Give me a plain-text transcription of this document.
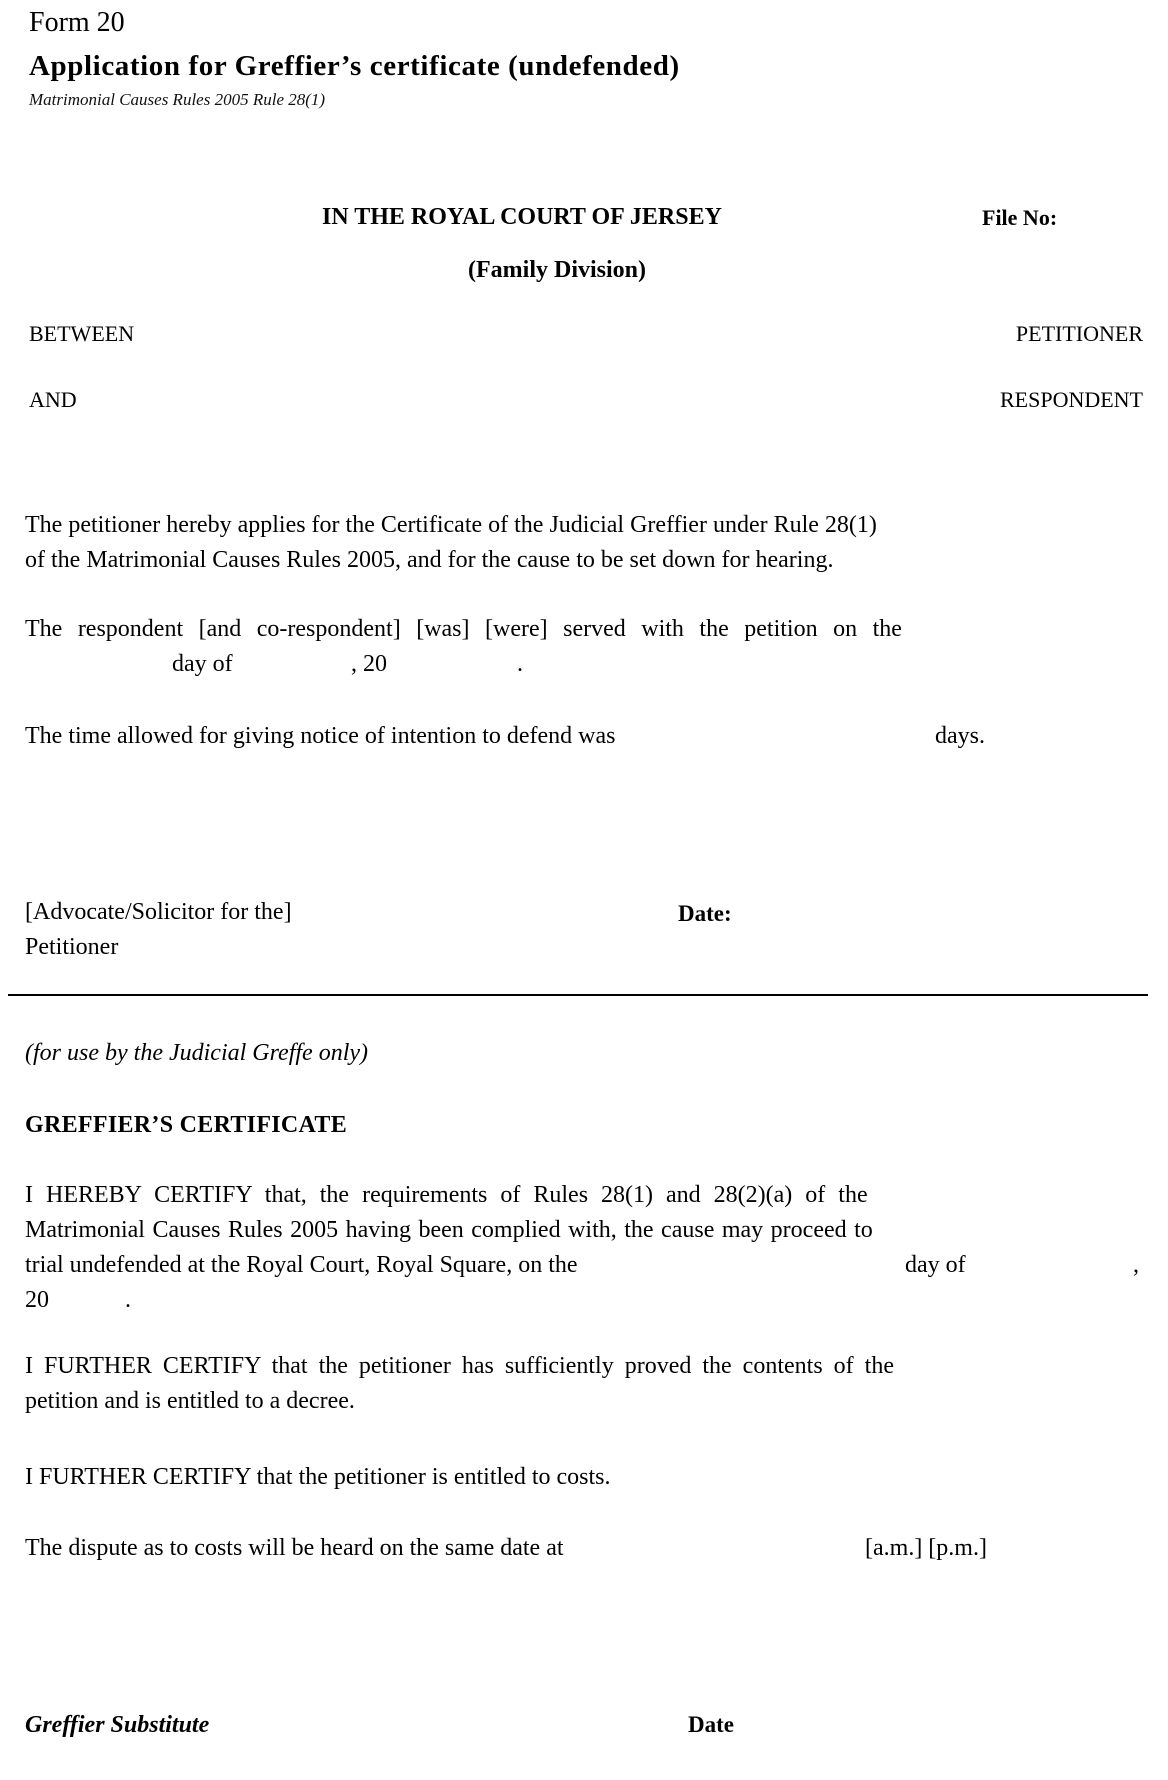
Form 20
Application for Greffier’s certificate (undefended)
Matrimonial Causes Rules 2005 Rule 28(1)
IN THE ROYAL COURT OF JERSEY	File No:
(Family Division)
BETWEEN	PETITIONER
AND	RESPONDENT
The petitioner hereby applies for the Certificate of the Judicial Greffier under Rule 28(1)
of the Matrimonial Causes Rules 2005, and for the cause to be set down for hearing.
The respondent [and co-respondent] [was] [were] served with the petition on the
day of	, 20	.
The time allowed for giving notice of intention to defend was	days.
[Advocate/Solicitor for the]
Petitioner
Date:
(for use by the Judicial Greffe only)
GREFFIER’S CERTIFICATE
I HEREBY CERTIFY that, the requirements of Rules 28(1) and 28(2)(a) of the
Matrimonial Causes Rules 2005 having been complied with, the cause may proceed to
trial undefended at the Royal Court, Royal Square, on the	day of	,
20	.
I FURTHER CERTIFY that the petitioner has sufficiently proved the contents of the
petition and is entitled to a decree.
I FURTHER CERTIFY that the petitioner is entitled to costs.
The dispute as to costs will be heard on the same date at	[a.m.] [p.m.]
Greffier Substitute	Date
